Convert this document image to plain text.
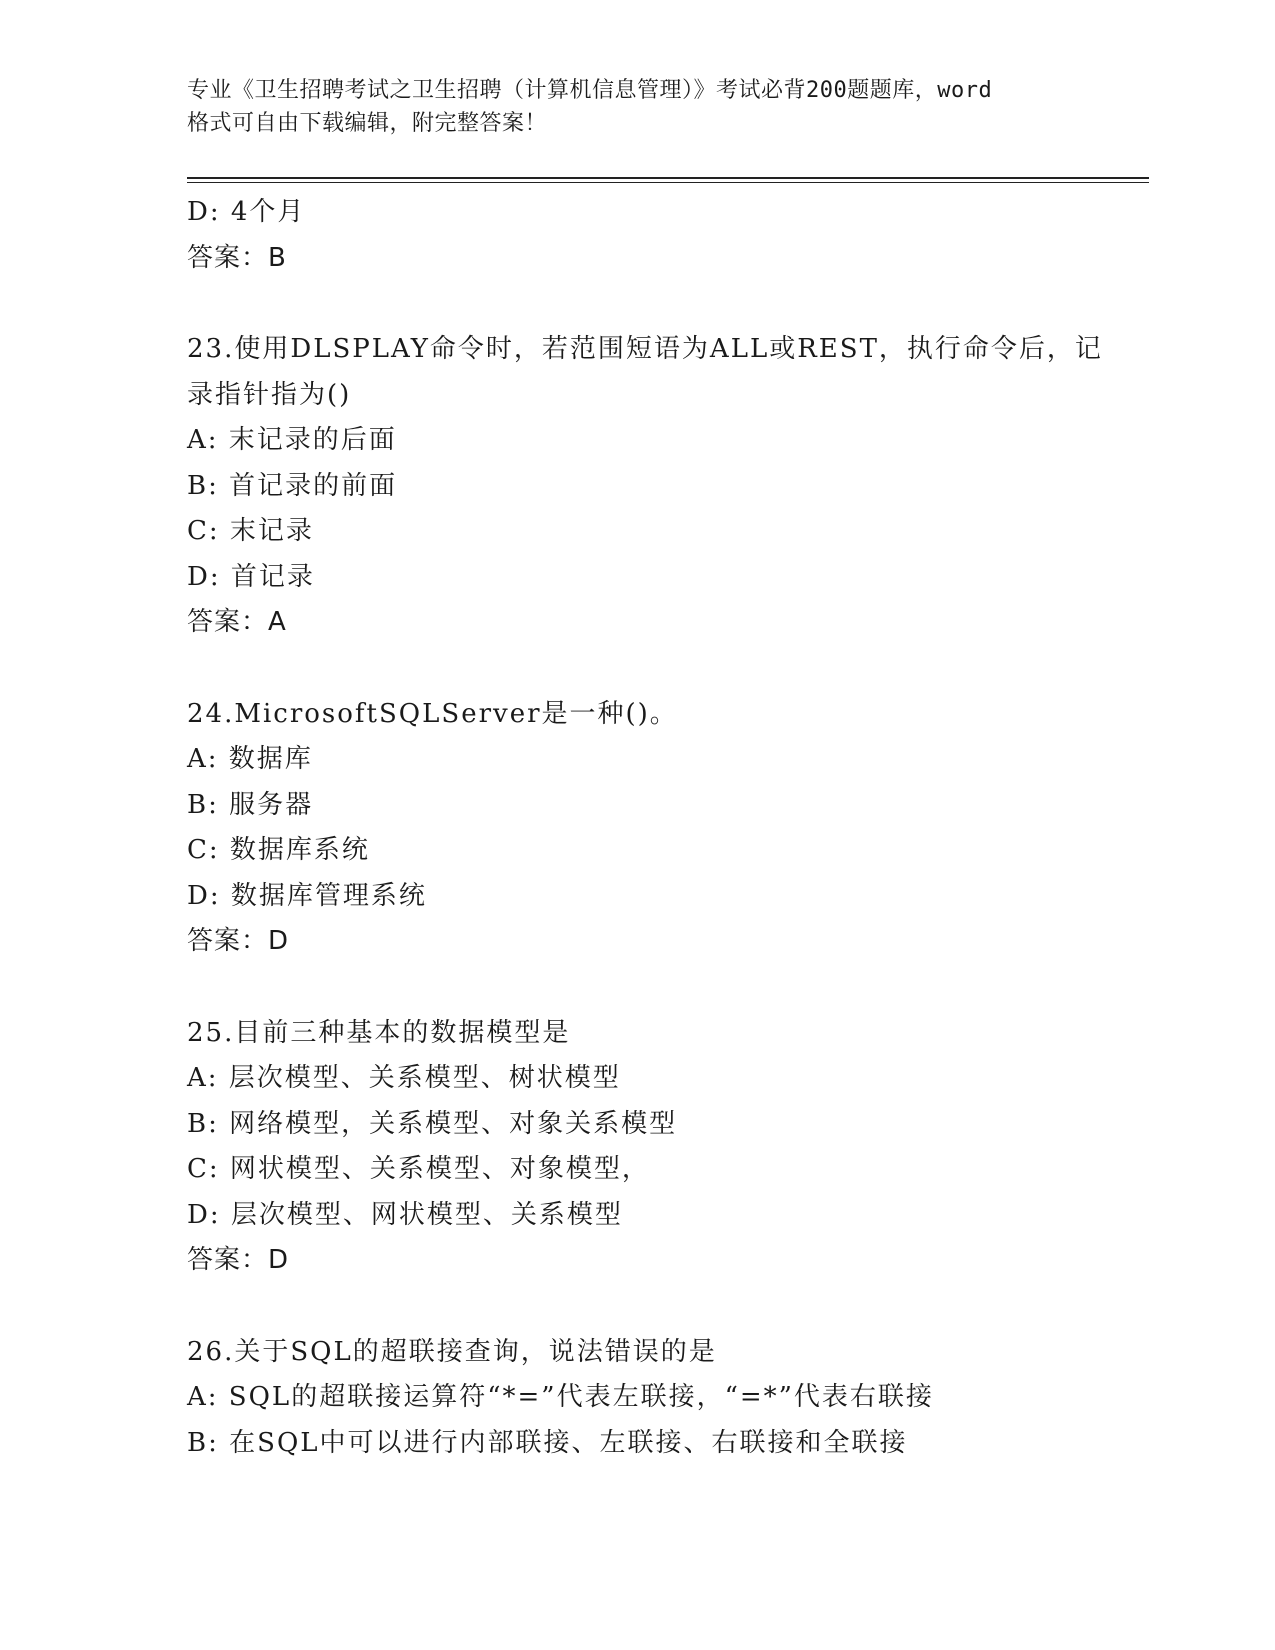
专业《卫生招聘考试之卫生招聘（计算机信息管理）》考试必背200题题库，word
格式可自由下载编辑，附完整答案！
D: 4个月
答案：B
23.使用DLSPLAY命令时，若范围短语为ALL或REST，执行命令后，记
录指针指为()
A: 末记录的后面
B: 首记录的前面
C: 末记录
D: 首记录
答案：A
24.MicrosoftSQLServer是一种()。
A: 数据库
B: 服务器
C: 数据库系统
D: 数据库管理系统
答案：D
25.目前三种基本的数据模型是
A: 层次模型、关系模型、树状模型
B: 网络模型，关系模型、对象关系模型
C: 网状模型、关系模型、对象模型，
D: 层次模型、网状模型、关系模型
答案：D
26.关于SQL的超联接查询，说法错误的是
A: SQL的超联接运算符“*=”代表左联接，“=*”代表右联接
B: 在SQL中可以进行内部联接、左联接、右联接和全联接
